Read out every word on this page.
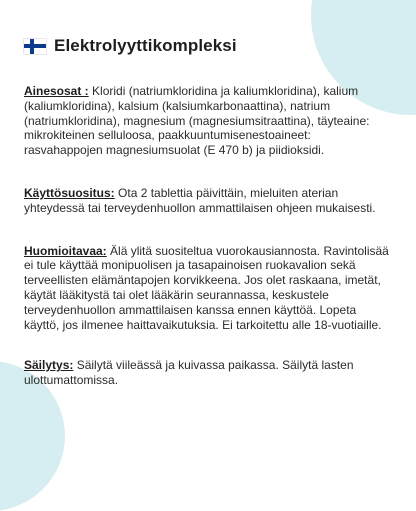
Elektrolyyttikompleksi

Ainesosat : Kloridi (natriumkloridina ja kaliumkloridina), kalium (kaliumkloridina), kalsium (kalsiumkarbonaattina), natrium (natriumkloridina), magnesium (magnesiumsitraattina), täyteaine: mikrokiteinen selluloosa, paakkuuntumisenestoaineet: rasvahappojen magnesiumsuolat (E 470 b) ja piidioksidi.

Käyttösuositus: Ota 2 tablettia päivittäin, mieluiten aterian yhteydessä tai terveydenhuollon ammattilaisen ohjeen mukaisesti.

Huomioitavaa: Älä ylitä suositeltua vuorokausiannosta. Ravintolisää ei tule käyttää monipuolisen ja tasapainoisen ruokavalion sekä terveellisten elämäntapojen korvikkeena. Jos olet raskaana, imetät, käytät lääkitystä tai olet lääkärin seurannassa, keskustele terveydenhuollon ammattilaisen kanssa ennen käyttöä. Lopeta käyttö, jos ilmenee haittavaikutuksia. Ei tarkoitettu alle 18-vuotiaille.

Säilytys: Säilytä viileässä ja kuivassa paikassa. Säilytä lasten ulottumattomissa.
